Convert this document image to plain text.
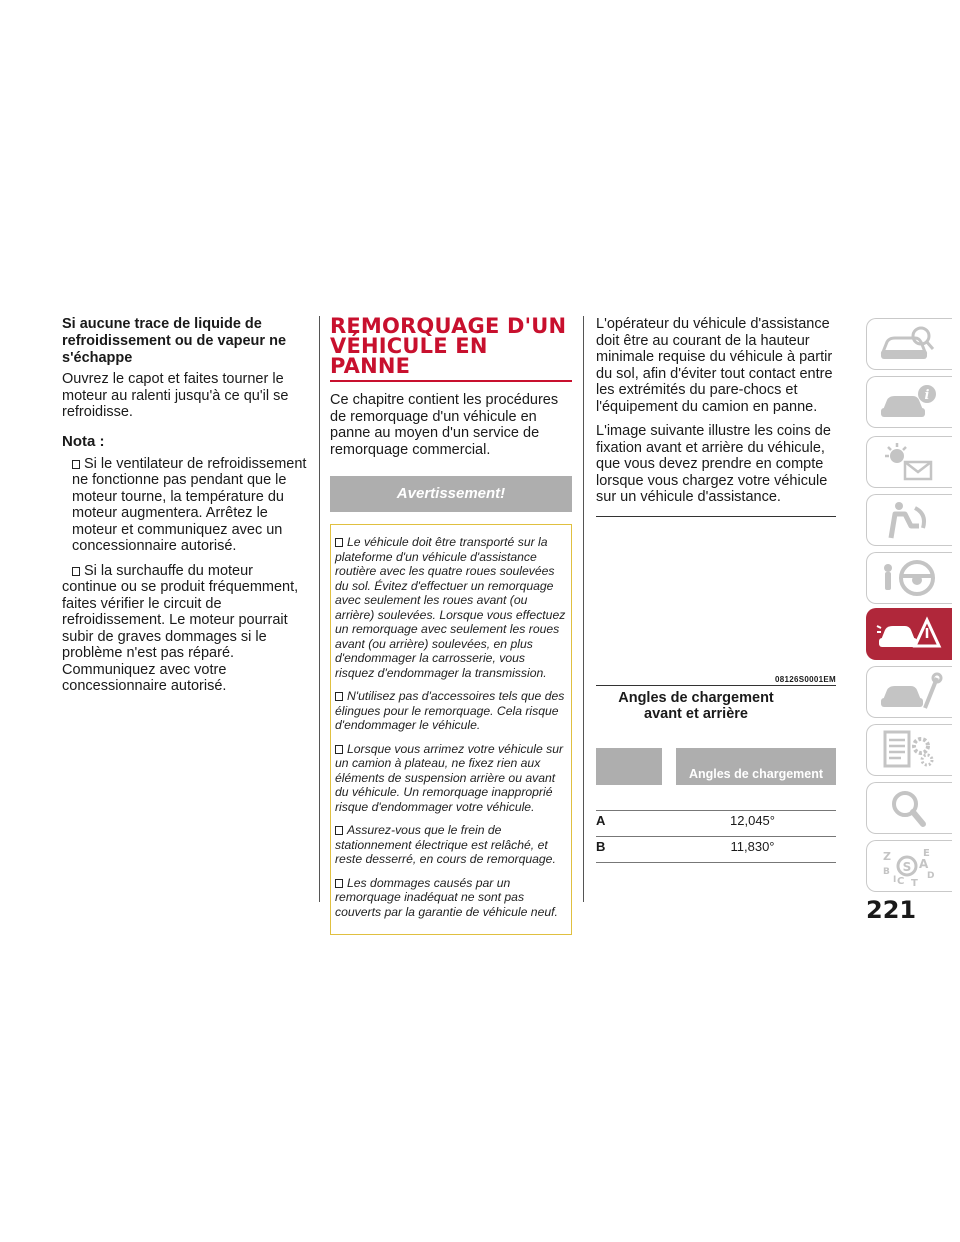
Si aucune trace de liquide de refroidissement ou de vapeur ne s'échappe

Ouvrez le capot et faites tourner le moteur au ralenti jusqu'à ce qu'il se refroidisse.

Nota :

Si le ventilateur de refroidissement ne fonctionne pas pendant que le moteur tourne, la température du moteur augmentera. Arrêtez le moteur et communiquez avec un concessionnaire autorisé.

Si la surchauffe du moteur continue ou se produit fréquemment, faites vérifier le circuit de refroidissement. Le moteur pourrait subir de graves dommages si le problème n'est pas réparé. Communiquez avec votre concessionnaire autorisé.

REMORQUAGE D'UN
VÉHICULE EN PANNE

Ce chapitre contient les procédures de remorquage d'un véhicule en panne au moyen d'un service de remorquage commercial.

Avertissement!

Le véhicule doit être transporté sur la plateforme d'un véhicule d'assistance routière avec les quatre roues soulevées du sol. Évitez d'effectuer un remorquage avec seulement les roues avant (ou arrière) soulevées. Lorsque vous effectuez un remorquage avec seulement les roues avant (ou arrière) soulevées, en plus d'endommager la carrosserie, vous risquez d'endommager la transmission.

N'utilisez pas d'accessoires tels que des élingues pour le remorquage. Cela risque d'endommager le véhicule.

Lorsque vous arrimez votre véhicule sur un camion à plateau, ne fixez rien aux éléments de suspension arrière ou avant du véhicule. Un remorquage inapproprié risque d'endommager votre véhicule.

Assurez-vous que le frein de stationnement électrique est relâché, et reste desserré, en cours de remorquage.

Les dommages causés par un remorquage inadéquat ne sont pas couverts par la garantie de véhicule neuf.

L'opérateur du véhicule d'assistance doit être au courant de la hauteur minimale requise du véhicule à partir du sol, afin d'éviter tout contact entre les extrémités du pare-chocs et l'équipement du camion en panne.

L'image suivante illustre les coins de fixation avant et arrière du véhicule, que vous devez prendre en compte lorsque vous chargez votre véhicule sur un véhicule d'assistance.

08126S0001EM
Angles de chargement
avant et arrière
	Angles de chargement

A	12,045°
B	11,830°
i
Z	E
A
B
C	D
T
I
S
221
